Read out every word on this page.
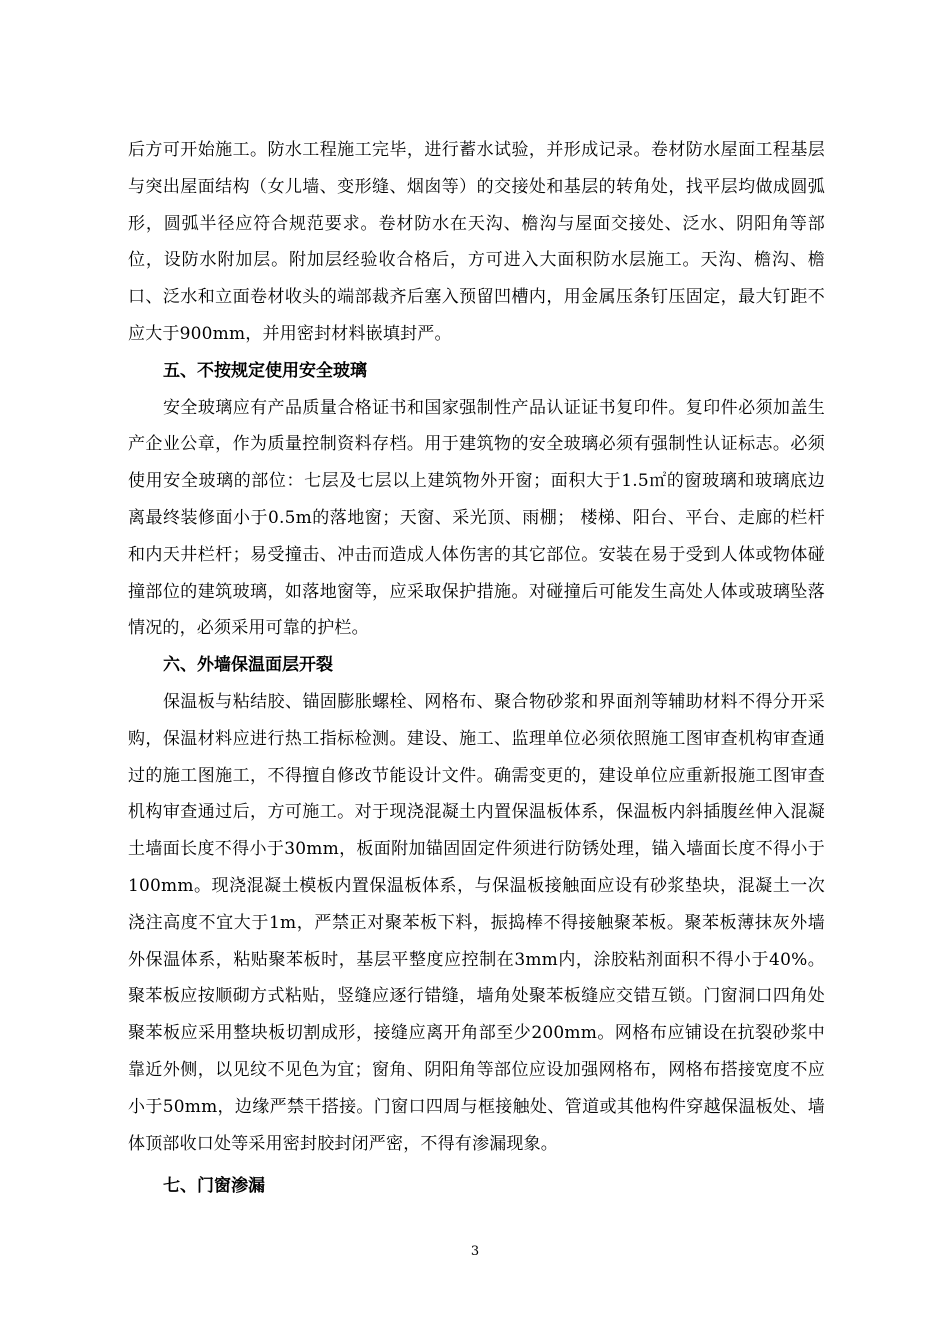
后方可开始施工。防水工程施工完毕，进行蓄水试验，并形成记录。卷材防水屋面工程基层与突出屋面结构（女儿墙、变形缝、烟囱等）的交接处和基层的转角处，找平层均做成圆弧形，圆弧半径应符合规范要求。卷材防水在天沟、檐沟与屋面交接处、泛水、阴阳角等部位，设防水附加层。附加层经验收合格后，方可进入大面积防水层施工。天沟、檐沟、檐口、泛水和立面卷材收头的端部裁齐后塞入预留凹槽内，用金属压条钉压固定，最大钉距不应大于900mm，并用密封材料嵌填封严。

五、不按规定使用安全玻璃

安全玻璃应有产品质量合格证书和国家强制性产品认证证书复印件。复印件必须加盖生产企业公章，作为质量控制资料存档。用于建筑物的安全玻璃必须有强制性认证标志。必须使用安全玻璃的部位：七层及七层以上建筑物外开窗；面积大于1.5㎡的窗玻璃和玻璃底边离最终装修面小于0.5m的落地窗；天窗、采光顶、雨棚； 楼梯、阳台、平台、走廊的栏杆和内天井栏杆；易受撞击、冲击而造成人体伤害的其它部位。安装在易于受到人体或物体碰撞部位的建筑玻璃，如落地窗等，应采取保护措施。对碰撞后可能发生高处人体或玻璃坠落情况的，必须采用可靠的护栏。

六、外墙保温面层开裂

保温板与粘结胶、锚固膨胀螺栓、网格布、聚合物砂浆和界面剂等辅助材料不得分开采购，保温材料应进行热工指标检测。建设、施工、监理单位必须依照施工图审查机构审查通过的施工图施工，不得擅自修改节能设计文件。确需变更的，建设单位应重新报施工图审查机构审查通过后，方可施工。对于现浇混凝土内置保温板体系，保温板内斜插腹丝伸入混凝土墙面长度不得小于30mm，板面附加锚固固定件须进行防锈处理，锚入墙面长度不得小于100mm。现浇混凝土模板内置保温板体系，与保温板接触面应设有砂浆垫块，混凝土一次浇注高度不宜大于1m，严禁正对聚苯板下料，振捣棒不得接触聚苯板。聚苯板薄抹灰外墙外保温体系，粘贴聚苯板时，基层平整度应控制在3mm内，涂胶粘剂面积不得小于40%。聚苯板应按顺砌方式粘贴，竖缝应逐行错缝，墙角处聚苯板缝应交错互锁。门窗洞口四角处聚苯板应采用整块板切割成形，接缝应离开角部至少200mm。网格布应铺设在抗裂砂浆中靠近外侧，以见纹不见色为宜；窗角、阴阳角等部位应设加强网格布，网格布搭接宽度不应小于50mm，边缘严禁干搭接。门窗口四周与框接触处、管道或其他构件穿越保温板处、墙体顶部收口处等采用密封胶封闭严密，不得有渗漏现象。

七、门窗渗漏

3
